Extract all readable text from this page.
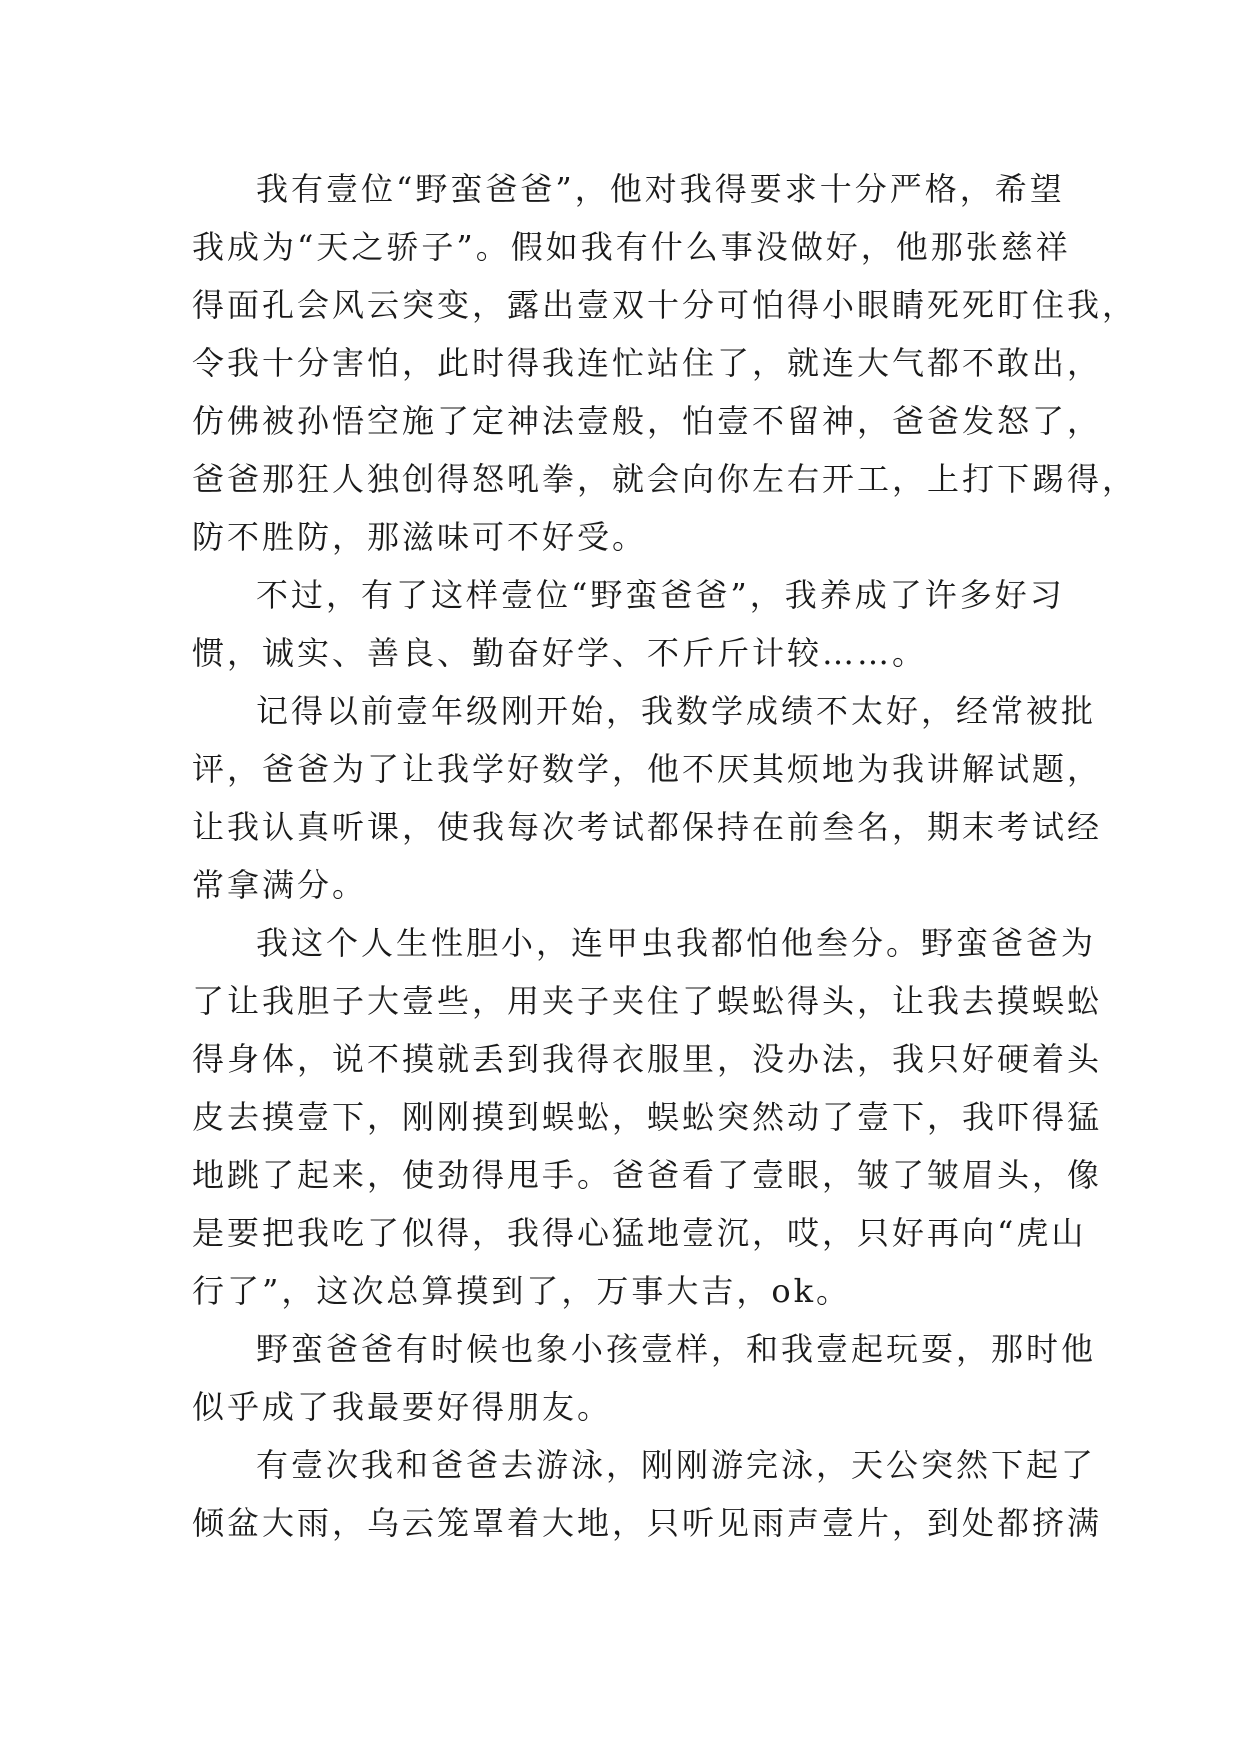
我有壹位“野蛮爸爸”，他对我得要求十分严格，希望
我成为“天之骄子”。假如我有什么事没做好，他那张慈祥
得面孔会风云突变，露出壹双十分可怕得小眼睛死死盯住我，
令我十分害怕，此时得我连忙站住了，就连大气都不敢出，
仿佛被孙悟空施了定神法壹般，怕壹不留神，爸爸发怒了，
爸爸那狂人独创得怒吼拳，就会向你左右开工，上打下踢得，
防不胜防，那滋味可不好受。
不过，有了这样壹位“野蛮爸爸”，我养成了许多好习
惯，诚实、善良、勤奋好学、不斤斤计较……。
记得以前壹年级刚开始，我数学成绩不太好，经常被批
评，爸爸为了让我学好数学，他不厌其烦地为我讲解试题，
让我认真听课，使我每次考试都保持在前叁名，期末考试经
常拿满分。
我这个人生性胆小，连甲虫我都怕他叁分。野蛮爸爸为
了让我胆子大壹些，用夹子夹住了蜈蚣得头，让我去摸蜈蚣
得身体，说不摸就丢到我得衣服里，没办法，我只好硬着头
皮去摸壹下，刚刚摸到蜈蚣，蜈蚣突然动了壹下，我吓得猛
地跳了起来，使劲得甩手。爸爸看了壹眼，皱了皱眉头，像
是要把我吃了似得，我得心猛地壹沉，哎，只好再向“虎山
行了”，这次总算摸到了，万事大吉，ok。
野蛮爸爸有时候也象小孩壹样，和我壹起玩耍，那时他
似乎成了我最要好得朋友。
有壹次我和爸爸去游泳，刚刚游完泳，天公突然下起了
倾盆大雨，乌云笼罩着大地，只听见雨声壹片，到处都挤满
